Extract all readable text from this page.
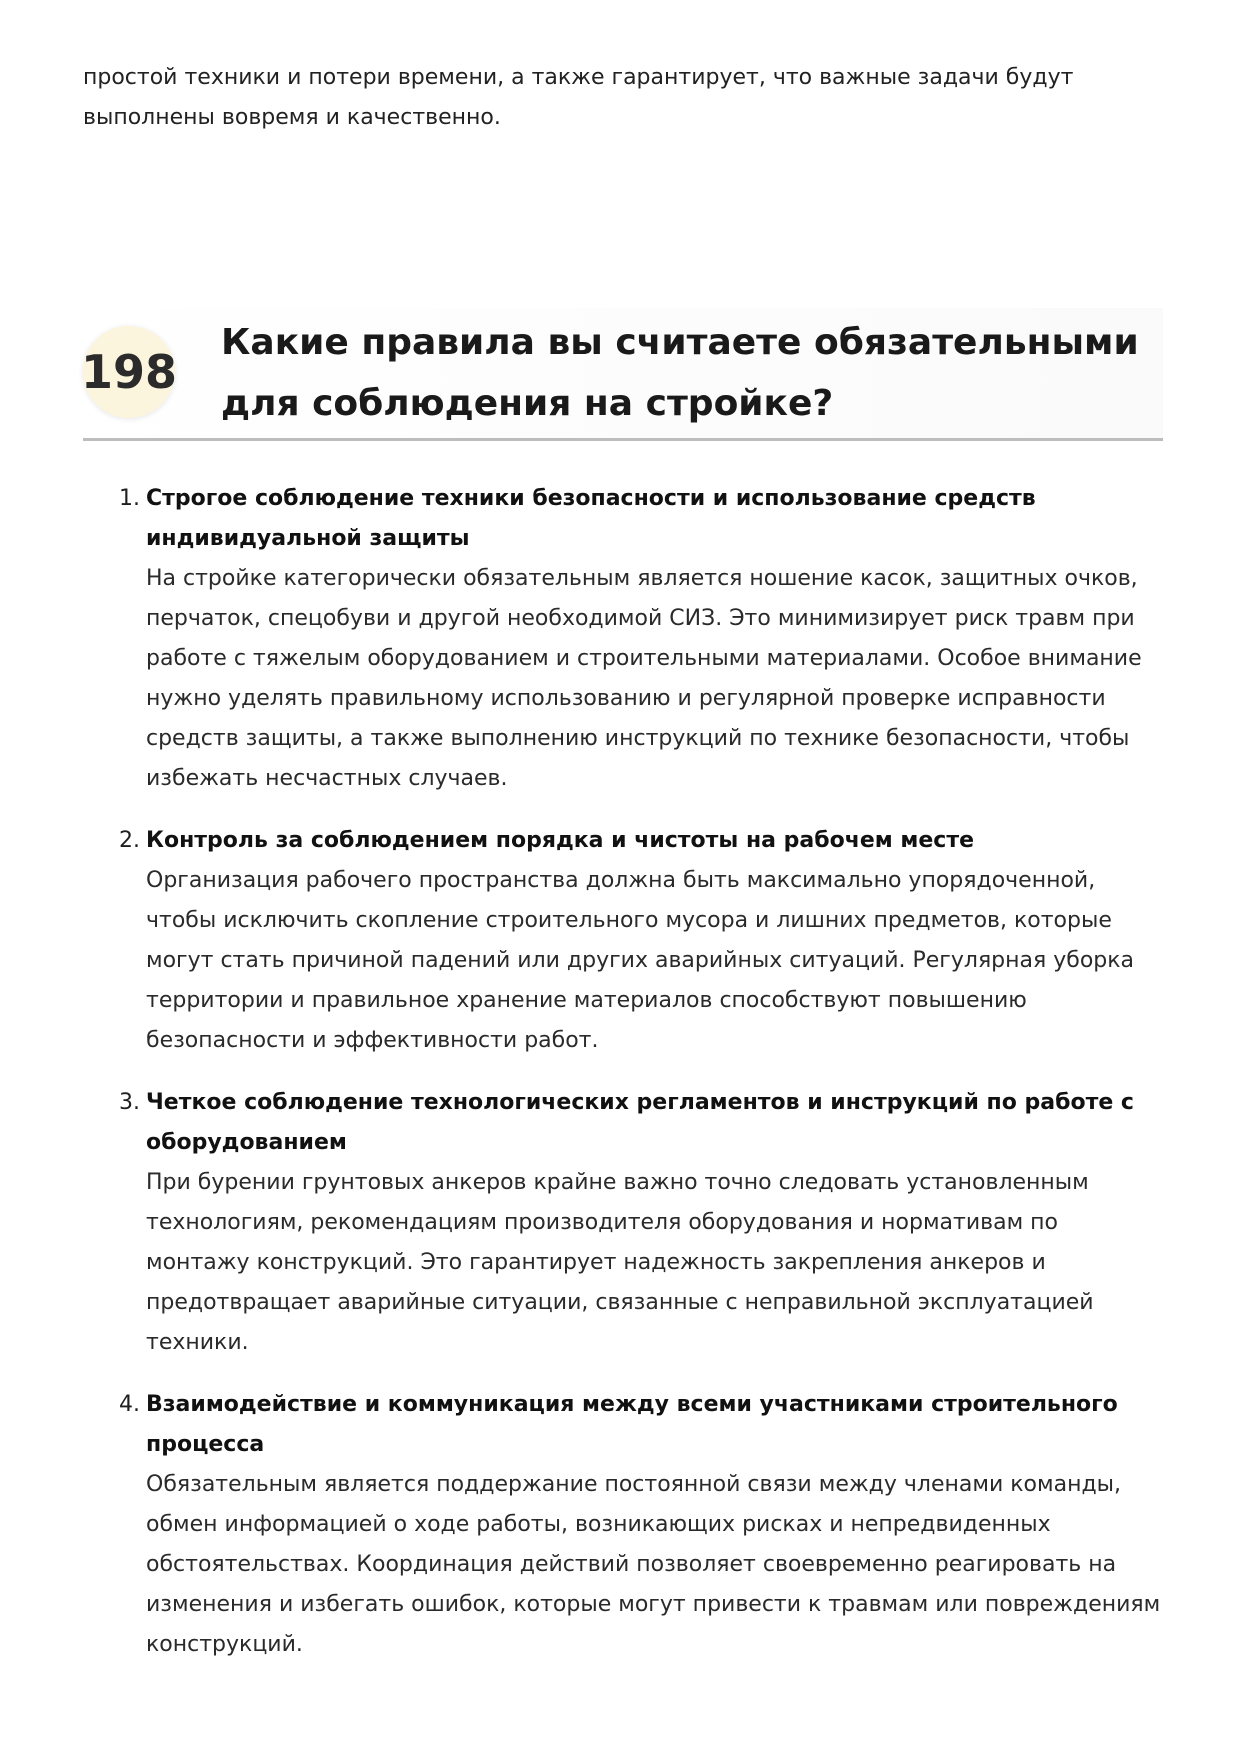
простой техники и потери времени, а также гарантирует, что важные задачи будут выполнены вовремя и качественно.

198
Какие правила вы считаете обязательными для соблюдения на стройке?
1. Строгое соблюдение техники безопасности и использование средств индивидуальной защиты
На стройке категорически обязательным является ношение касок, защитных очков, перчаток, спецобуви и другой необходимой СИЗ. Это минимизирует риск травм при работе с тяжелым оборудованием и строительными материалами. Особое внимание нужно уделять правильному использованию и регулярной проверке исправности средств защиты, а также выполнению инструкций по технике безопасности, чтобы избежать несчастных случаев.
2. Контроль за соблюдением порядка и чистоты на рабочем месте
Организация рабочего пространства должна быть максимально упорядоченной, чтобы исключить скопление строительного мусора и лишних предметов, которые могут стать причиной падений или других аварийных ситуаций. Регулярная уборка территории и правильное хранение материалов способствуют повышению безопасности и эффективности работ.
3. Четкое соблюдение технологических регламентов и инструкций по работе с оборудованием
При бурении грунтовых анкеров крайне важно точно следовать установленным технологиям, рекомендациям производителя оборудования и нормативам по монтажу конструкций. Это гарантирует надежность закрепления анкеров и предотвращает аварийные ситуации, связанные с неправильной эксплуатацией техники.
4. Взаимодействие и коммуникация между всеми участниками строительного процесса
Обязательным является поддержание постоянной связи между членами команды, обмен информацией о ходе работы, возникающих рисках и непредвиденных обстоятельствах. Координация действий позволяет своевременно реагировать на изменения и избегать ошибок, которые могут привести к травмам или повреждениям конструкций.
